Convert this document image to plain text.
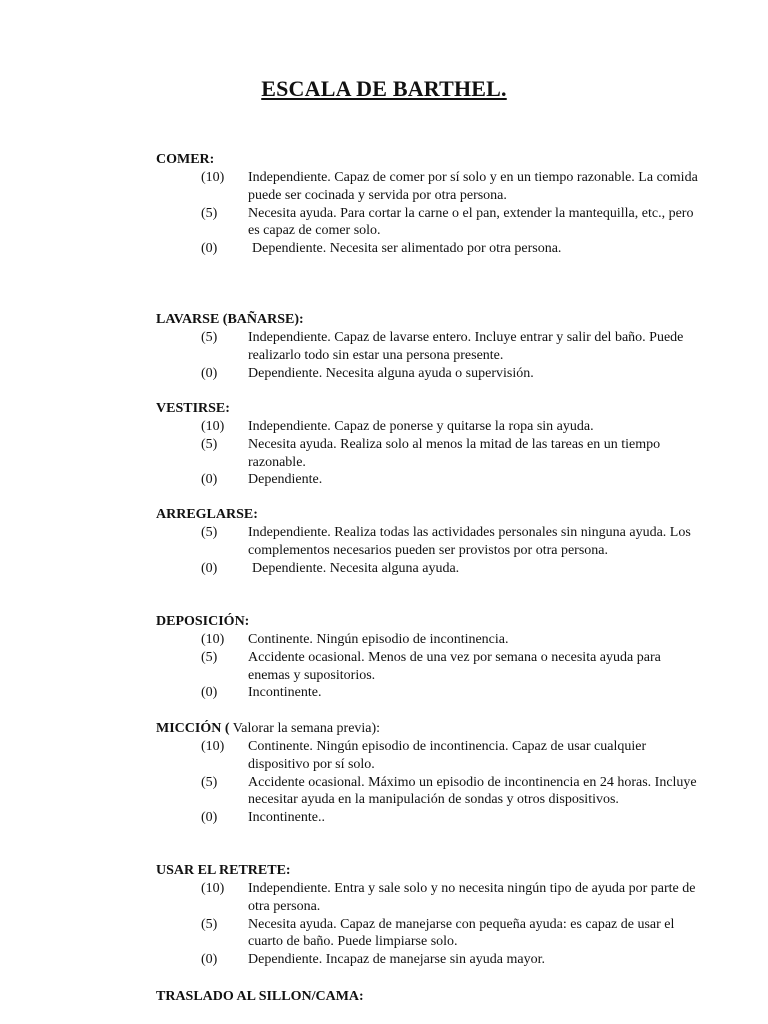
ESCALA DE BARTHEL.
COMER:
(10) Independiente. Capaz de comer por sí solo y en un tiempo razonable. La comida puede ser cocinada y servida por otra persona.
(5) Necesita ayuda. Para cortar la carne o el pan, extender la mantequilla, etc., pero es capaz de comer solo.
(0) Dependiente. Necesita ser alimentado por otra persona.
LAVARSE (BAÑARSE):
(5) Independiente. Capaz de lavarse entero. Incluye entrar y salir del baño. Puede realizarlo todo sin estar una persona presente.
(0) Dependiente. Necesita alguna ayuda o supervisión.
VESTIRSE:
(10) Independiente. Capaz de ponerse y quitarse la ropa sin ayuda.
(5) Necesita ayuda. Realiza solo al menos la mitad de las tareas en un tiempo razonable.
(0) Dependiente.
ARREGLARSE:
(5) Independiente. Realiza todas las actividades personales sin ninguna ayuda. Los complementos necesarios pueden ser provistos por otra persona.
(0) Dependiente. Necesita alguna ayuda.
DEPOSICIÓN:
(10) Continente. Ningún episodio de incontinencia.
(5) Accidente ocasional. Menos de una vez por semana o necesita ayuda para enemas y supositorios.
(0) Incontinente.
MICCIÓN ( Valorar la semana previa):
(10) Continente. Ningún episodio de incontinencia. Capaz de usar cualquier dispositivo por sí solo.
(5) Accidente ocasional. Máximo un episodio de incontinencia en 24 horas. Incluye necesitar ayuda en la manipulación de sondas y otros dispositivos.
(0) Incontinente..
USAR EL RETRETE:
(10) Independiente. Entra y sale solo y no necesita ningún tipo de ayuda por parte de otra persona.
(5) Necesita ayuda. Capaz de manejarse con pequeña ayuda: es capaz de usar el cuarto de baño. Puede limpiarse solo.
(0) Dependiente. Incapaz de manejarse sin ayuda mayor.
TRASLADO AL SILLON/CAMA:
